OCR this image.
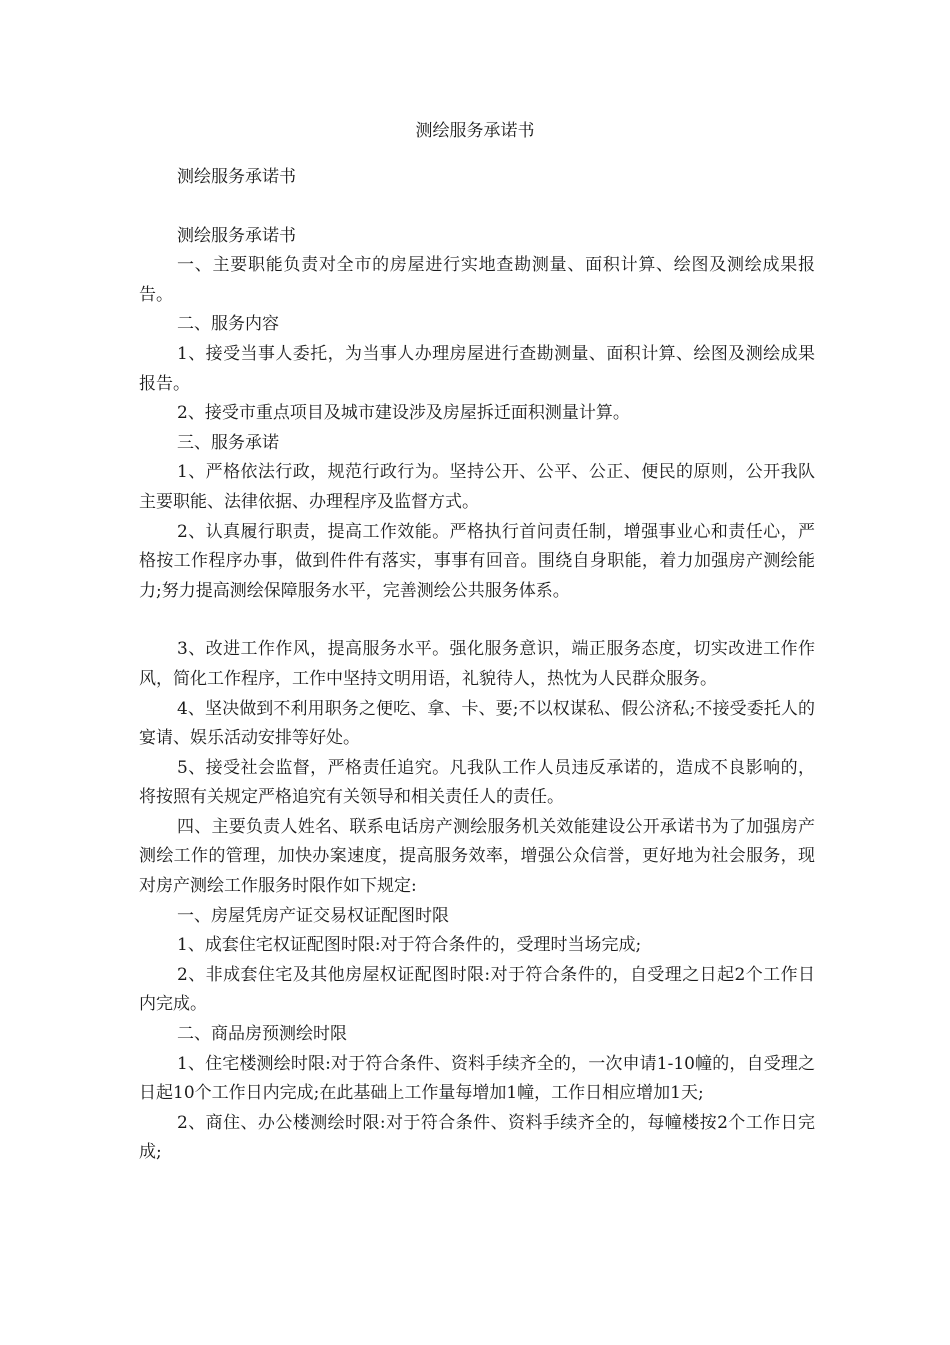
测绘服务承诺书

测绘服务承诺书

测绘服务承诺书

一、主要职能负责对全市的房屋进行实地查勘测量、面积计算、绘图及测绘成果报告。

二、服务内容

1、接受当事人委托，为当事人办理房屋进行查勘测量、面积计算、绘图及测绘成果报告。

2、接受市重点项目及城市建设涉及房屋拆迁面积测量计算。

三、服务承诺

1、严格依法行政，规范行政行为。坚持公开、公平、公正、便民的原则，公开我队主要职能、法律依据、办理程序及监督方式。

2、认真履行职责，提高工作效能。严格执行首问责任制，增强事业心和责任心，严格按工作程序办事，做到件件有落实，事事有回音。围绕自身职能，着力加强房产测绘能力;努力提高测绘保障服务水平，完善测绘公共服务体系。

3、改进工作作风，提高服务水平。强化服务意识，端正服务态度，切实改进工作作风，简化工作程序，工作中坚持文明用语，礼貌待人，热忱为人民群众服务。

4、坚决做到不利用职务之便吃、拿、卡、要;不以权谋私、假公济私;不接受委托人的宴请、娱乐活动安排等好处。

5、接受社会监督，严格责任追究。凡我队工作人员违反承诺的，造成不良影响的，将按照有关规定严格追究有关领导和相关责任人的责任。

四、主要负责人姓名、联系电话房产测绘服务机关效能建设公开承诺书为了加强房产测绘工作的管理，加快办案速度，提高服务效率，增强公众信誉，更好地为社会服务，现对房产测绘工作服务时限作如下规定:

一、房屋凭房产证交易权证配图时限

1、成套住宅权证配图时限:对于符合条件的，受理时当场完成;

2、非成套住宅及其他房屋权证配图时限:对于符合条件的，自受理之日起2个工作日内完成。

二、商品房预测绘时限

1、住宅楼测绘时限:对于符合条件、资料手续齐全的，一次申请1-10幢的，自受理之日起10个工作日内完成;在此基础上工作量每增加1幢，工作日相应增加1天;

2、商住、办公楼测绘时限:对于符合条件、资料手续齐全的，每幢楼按2个工作日完成;
